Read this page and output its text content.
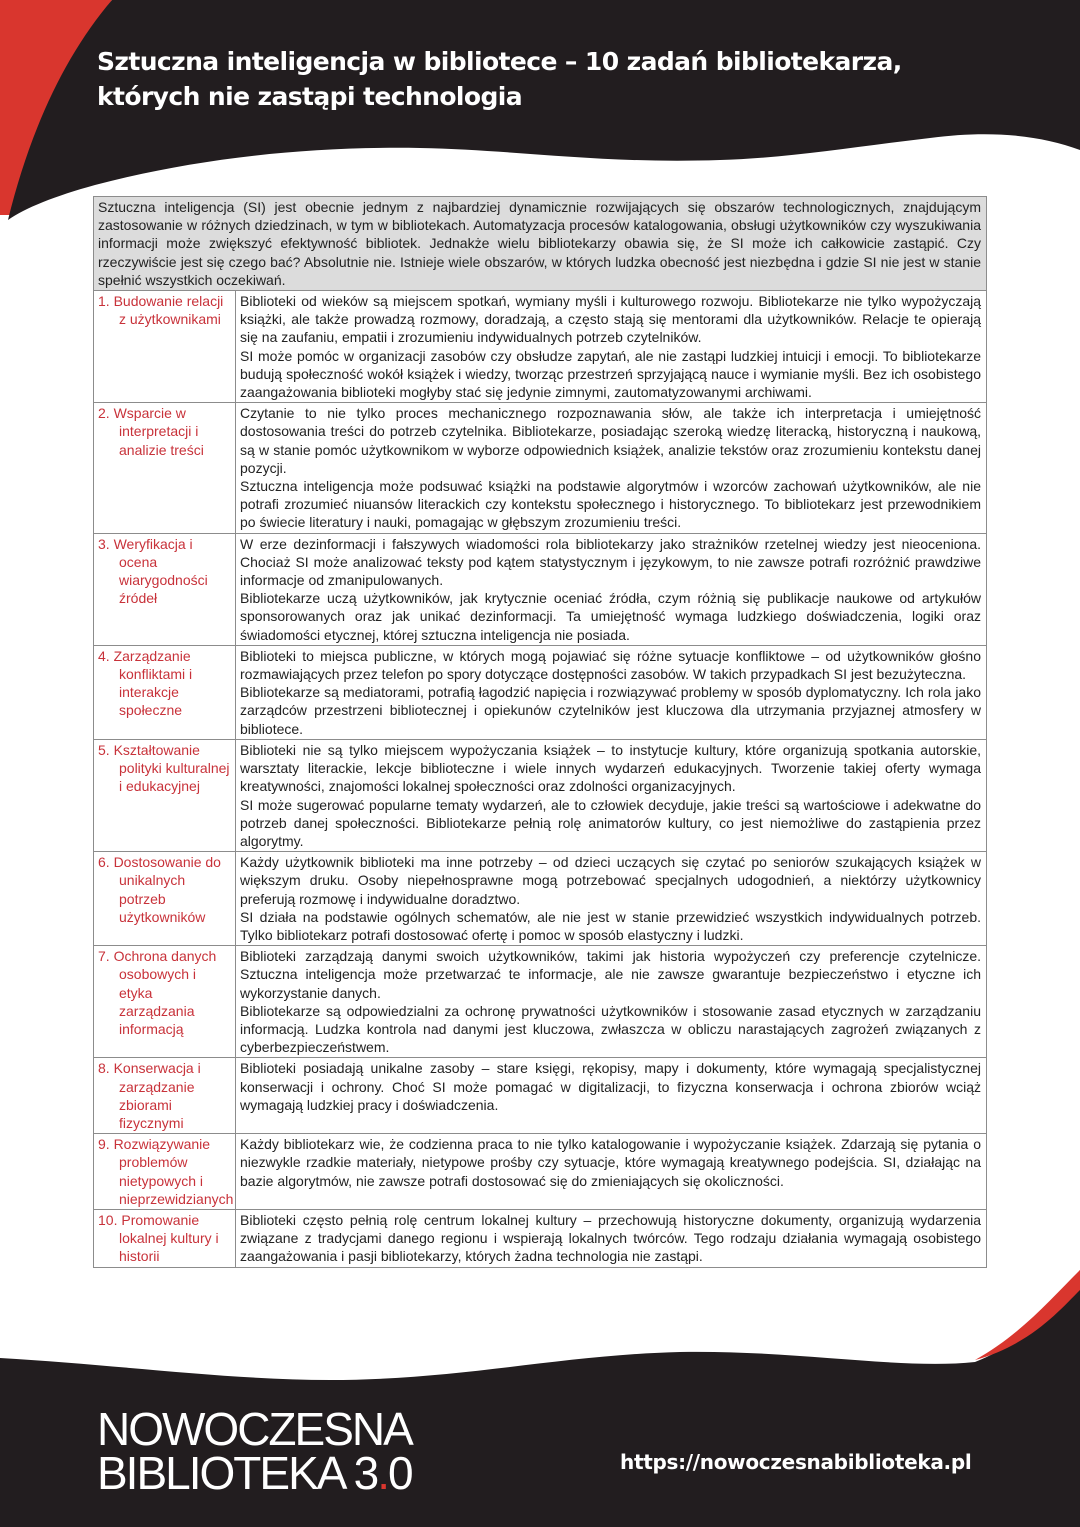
Sztuczna inteligencja w bibliotece – 10 zadań bibliotekarza,
których nie zastąpi technologia
Sztuczna inteligencja (SI) jest obecnie jednym z najbardziej dynamicznie rozwijających się obszarów technologicznych, znajdującym zastosowanie w różnych dziedzinach, w tym w bibliotekach. Automatyzacja procesów katalogowania, obsługi użytkowników czy wyszukiwania informacji może zwiększyć efektywność bibliotek. Jednakże wielu bibliotekarzy obawia się, że SI może ich całkowicie zastąpić. Czy rzeczywiście jest się czego bać? Absolutnie nie. Istnieje wiele obszarów, w których ludzka obecność jest niezbędna i gdzie SI nie jest w stanie spełnić wszystkich oczekiwań.	

1. Budowanie relacji z użytkownikami	Biblioteki od wieków są miejscem spotkań, wymiany myśli i kulturowego rozwoju. Bibliotekarze nie tylko wypożyczają książki, ale także prowadzą rozmowy, doradzają, a często stają się mentorami dla użytkowników. Relacje te opierają się na zaufaniu, empatii i zrozumieniu indywidualnych potrzeb czytelników.
SI może pomóc w organizacji zasobów czy obsłudze zapytań, ale nie zastąpi ludzkiej intuicji i emocji. To bibliotekarze budują społeczność wokół książek i wiedzy, tworząc przestrzeń sprzyjającą nauce i wymianie myśli. Bez ich osobistego zaangażowania biblioteki mogłyby stać się jedynie zimnymi, zautomatyzowanymi archiwami.

2. Wsparcie w interpretacji i analizie treści	Czytanie to nie tylko proces mechanicznego rozpoznawania słów, ale także ich interpretacja i umiejętność dostosowania treści do potrzeb czytelnika. Bibliotekarze, posiadając szeroką wiedzę literacką, historyczną i naukową, są w stanie pomóc użytkownikom w wyborze odpowiednich książek, analizie tekstów oraz zrozumieniu kontekstu danej pozycji.
Sztuczna inteligencja może podsuwać książki na podstawie algorytmów i wzorców zachowań użytkowników, ale nie potrafi zrozumieć niuansów literackich czy kontekstu społecznego i historycznego. To bibliotekarz jest przewodnikiem po świecie literatury i nauki, pomagając w głębszym zrozumieniu treści.

3. Weryfikacja i ocena wiarygodności źródeł	W erze dezinformacji i fałszywych wiadomości rola bibliotekarzy jako strażników rzetelnej wiedzy jest nieoceniona. Chociaż SI może analizować teksty pod kątem statystycznym i językowym, to nie zawsze potrafi rozróżnić prawdziwe informacje od zmanipulowanych.
Bibliotekarze uczą użytkowników, jak krytycznie oceniać źródła, czym różnią się publikacje naukowe od artykułów sponsorowanych oraz jak unikać dezinformacji. Ta umiejętność wymaga ludzkiego doświadczenia, logiki oraz świadomości etycznej, której sztuczna inteligencja nie posiada.

4. Zarządzanie konfliktami i interakcje społeczne	Biblioteki to miejsca publiczne, w których mogą pojawiać się różne sytuacje konfliktowe – od użytkowników głośno rozmawiających przez telefon po spory dotyczące dostępności zasobów. W takich przypadkach SI jest bezużyteczna.
Bibliotekarze są mediatorami, potrafią łagodzić napięcia i rozwiązywać problemy w sposób dyplomatyczny. Ich rola jako zarządców przestrzeni bibliotecznej i opiekunów czytelników jest kluczowa dla utrzymania przyjaznej atmosfery w bibliotece.

5. Kształtowanie polityki kulturalnej i edukacyjnej	Biblioteki nie są tylko miejscem wypożyczania książek – to instytucje kultury, które organizują spotkania autorskie, warsztaty literackie, lekcje biblioteczne i wiele innych wydarzeń edukacyjnych. Tworzenie takiej oferty wymaga kreatywności, znajomości lokalnej społeczności oraz zdolności organizacyjnych.
SI może sugerować popularne tematy wydarzeń, ale to człowiek decyduje, jakie treści są wartościowe i adekwatne do potrzeb danej społeczności. Bibliotekarze pełnią rolę animatorów kultury, co jest niemożliwe do zastąpienia przez algorytmy.

6. Dostosowanie do unikalnych potrzeb użytkowników	Każdy użytkownik biblioteki ma inne potrzeby – od dzieci uczących się czytać po seniorów szukających książek w większym druku. Osoby niepełnosprawne mogą potrzebować specjalnych udogodnień, a niektórzy użytkownicy preferują rozmowę i indywidualne doradztwo.
SI działa na podstawie ogólnych schematów, ale nie jest w stanie przewidzieć wszystkich indywidualnych potrzeb. Tylko bibliotekarz potrafi dostosować ofertę i pomoc w sposób elastyczny i ludzki.

7. Ochrona danych osobowych i etyka zarządzania informacją	Biblioteki zarządzają danymi swoich użytkowników, takimi jak historia wypożyczeń czy preferencje czytelnicze. Sztuczna inteligencja może przetwarzać te informacje, ale nie zawsze gwarantuje bezpieczeństwo i etyczne ich wykorzystanie danych.
Bibliotekarze są odpowiedzialni za ochronę prywatności użytkowników i stosowanie zasad etycznych w zarządzaniu informacją. Ludzka kontrola nad danymi jest kluczowa, zwłaszcza w obliczu narastających zagrożeń związanych z cyberbezpieczeństwem.

8. Konserwacja i zarządzanie zbiorami fizycznymi	Biblioteki posiadają unikalne zasoby – stare księgi, rękopisy, mapy i dokumenty, które wymagają specjalistycznej konserwacji i ochrony. Choć SI może pomagać w digitalizacji, to fizyczna konserwacja i ochrona zbiorów wciąż wymagają ludzkiej pracy i doświadczenia.

9. Rozwiązywanie problemów nietypowych i nieprzewidzianych	Każdy bibliotekarz wie, że codzienna praca to nie tylko katalogowanie i wypożyczanie książek. Zdarzają się pytania o niezwykle rzadkie materiały, nietypowe prośby czy sytuacje, które wymagają kreatywnego podejścia. SI, działając na bazie algorytmów, nie zawsze potrafi dostosować się do zmieniających się okoliczności.

10. Promowanie lokalnej kultury i historii	Biblioteki często pełnią rolę centrum lokalnej kultury – przechowują historyczne dokumenty, organizują wydarzenia związane z tradycjami danego regionu i wspierają lokalnych twórców. Tego rodzaju działania wymagają osobistego zaangażowania i pasji bibliotekarzy, których żadna technologia nie zastąpi.
NOWOCZESNA
BIBLIOTEKA 3.0	https://nowoczesnabiblioteka.pl
